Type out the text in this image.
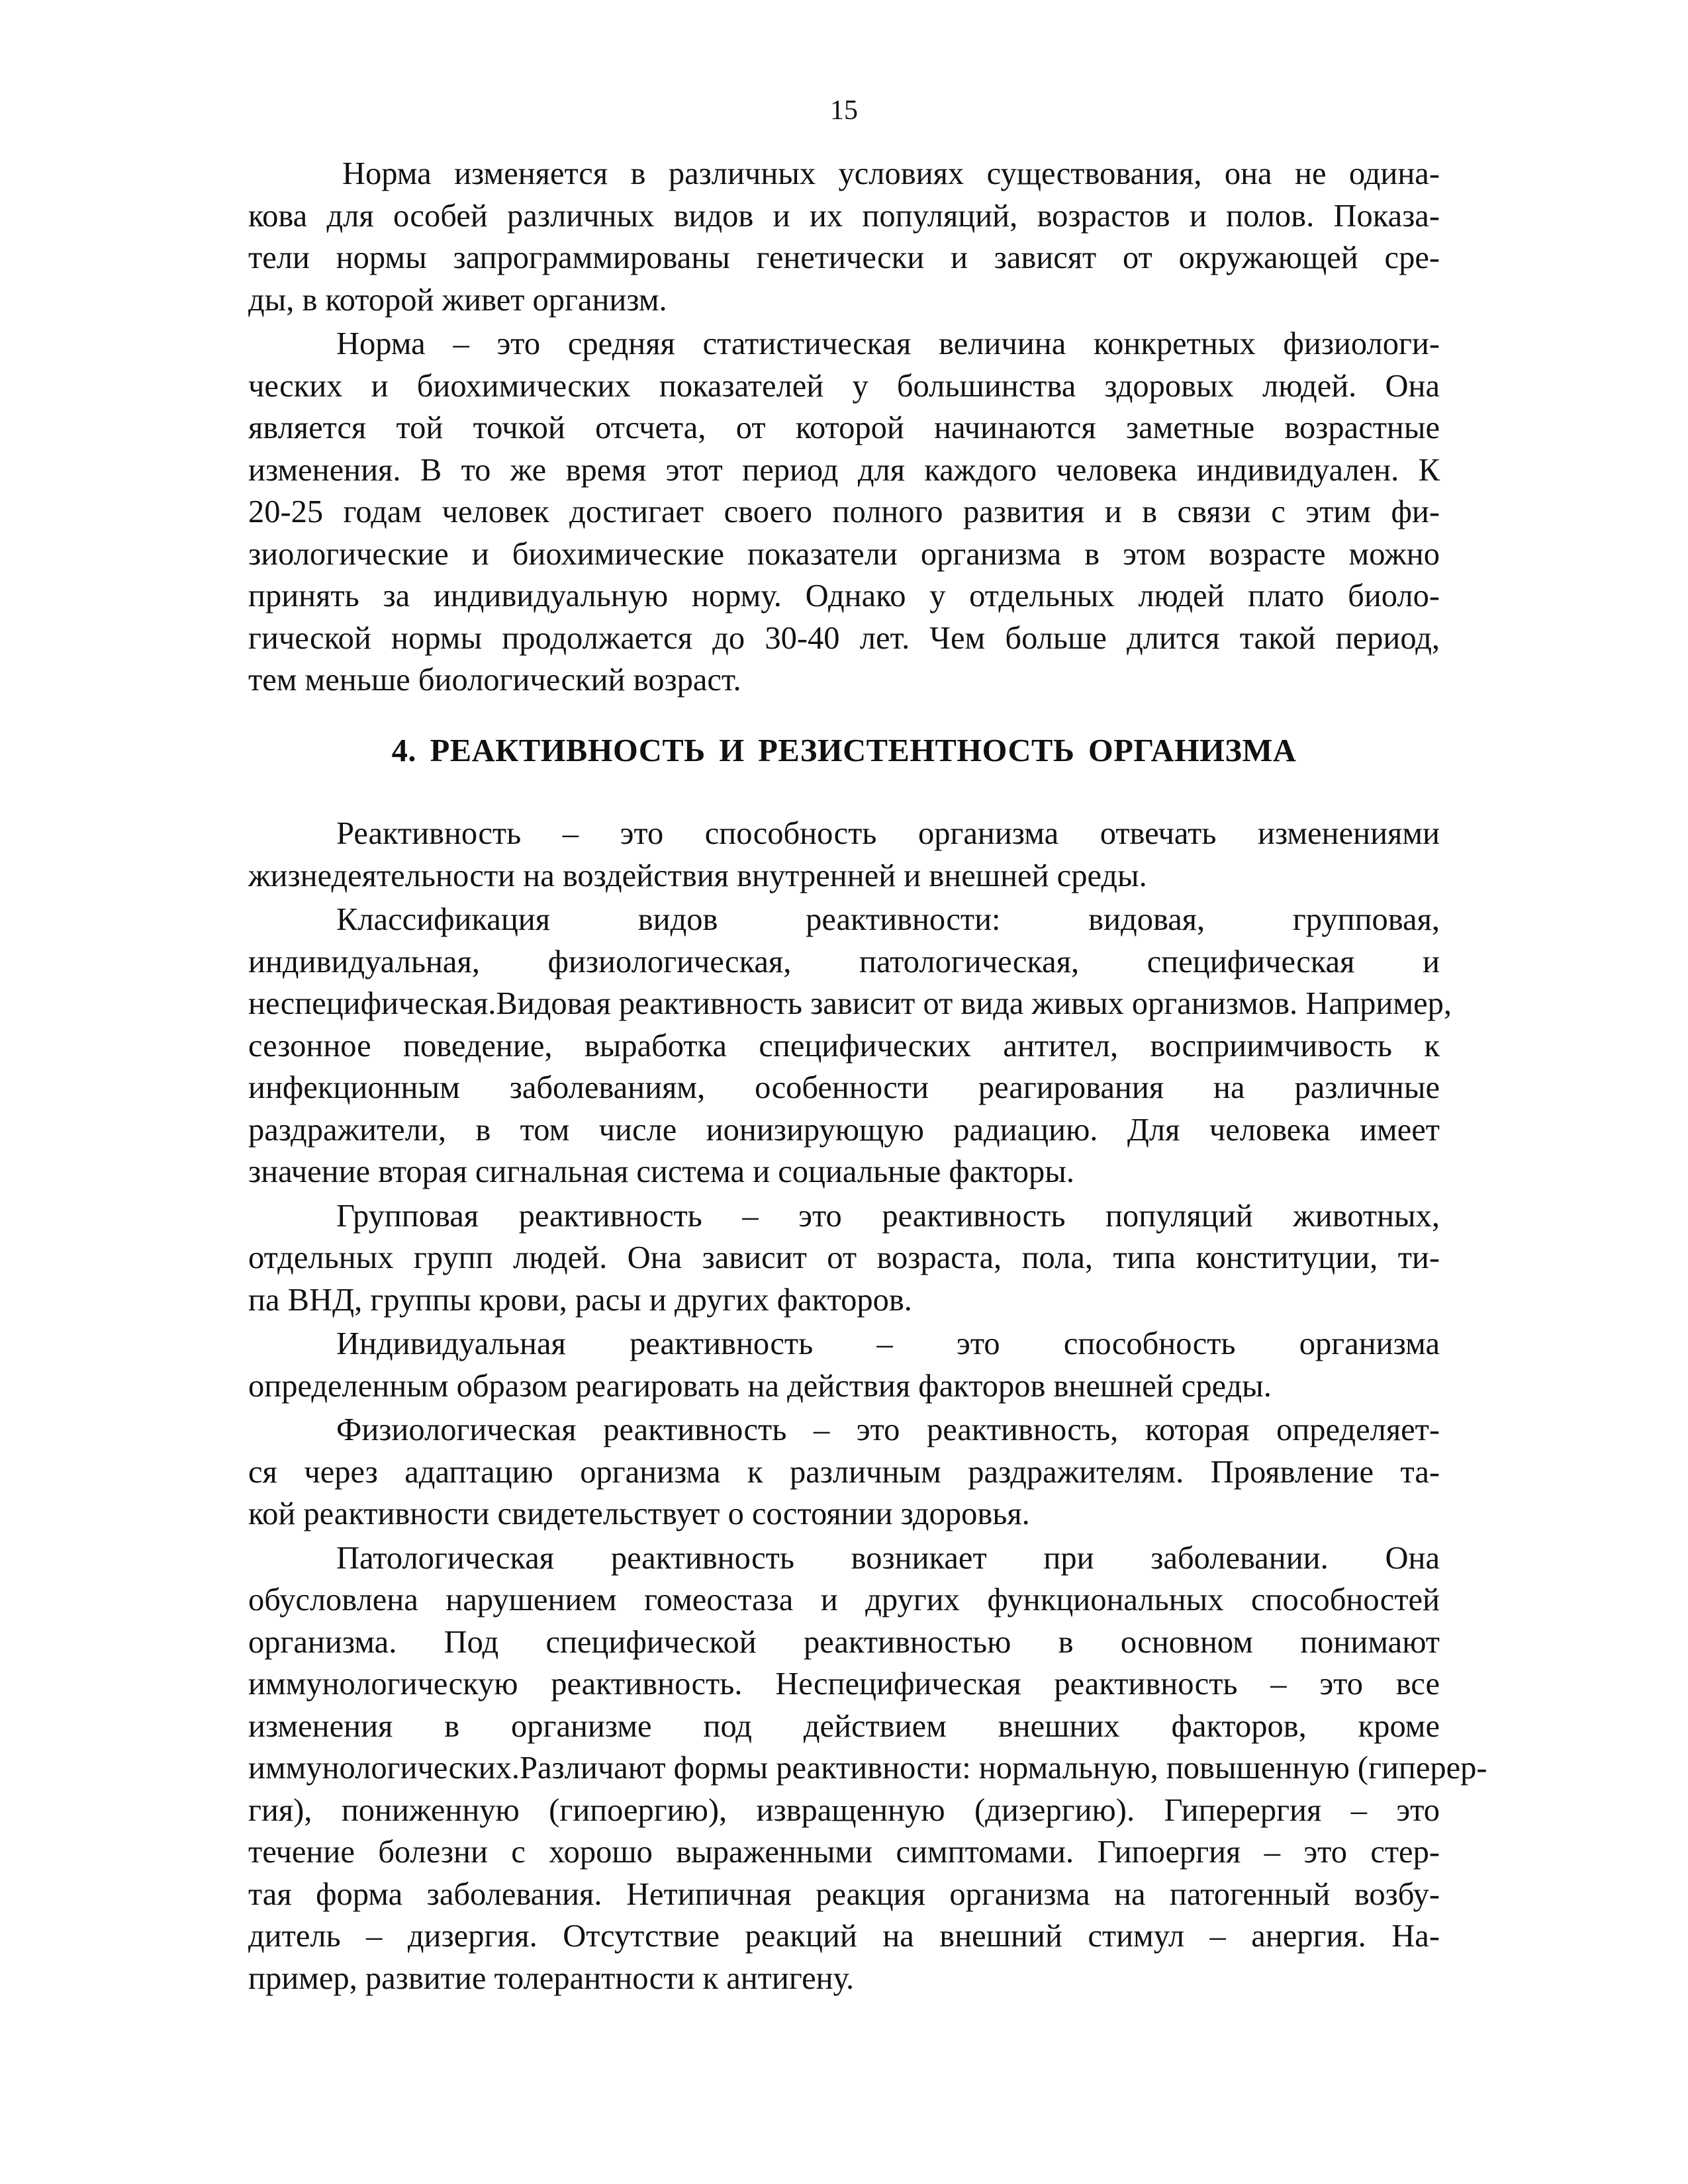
15
Норма изменяется в различных условиях существования, она не одина-
кова для особей различных видов и их популяций, возрастов и полов. Показа-
тели нормы запрограммированы генетически и зависят от окружающей сре-
ды, в которой живет организм.
Норма – это средняя статистическая величина конкретных физиологи-
ческих и биохимических показателей у большинства здоровых людей. Она
является той точкой отсчета, от которой начинаются заметные возрастные
изменения. В то же время этот период для каждого человека индивидуален. К
20-25 годам человек достигает своего полного развития и в связи с этим фи-
зиологические и биохимические показатели организма в этом возрасте можно
принять за индивидуальную норму. Однако у отдельных людей плато биоло-
гической нормы продолжается до 30-40 лет. Чем больше длится такой период,
тем меньше биологический возраст.
4. РЕАКТИВНОСТЬ И РЕЗИСТЕНТНОСТЬ ОРГАНИЗМА
Реактивность – это способность организма отвечать изменениями
жизнедеятельности на воздействия внутренней и внешней среды.
Классификация видов реактивности: видовая, групповая,
индивидуальная, физиологическая, патологическая, специфическая и
неспецифическая.Видовая реактивность зависит от вида живых организмов. Например,
сезонное поведение, выработка специфических антител, восприимчивость к
инфекционным заболеваниям, особенности реагирования на различные
раздражители, в том числе ионизирующую радиацию. Для человека имеет
значение вторая сигнальная система и социальные факторы.
Групповая реактивность – это реактивность популяций животных,
отдельных групп людей. Она зависит от возраста, пола, типа конституции, ти-
па ВНД, группы крови, расы и других факторов.
Индивидуальная реактивность – это способность организма
определенным образом реагировать на действия факторов внешней среды.
Физиологическая реактивность – это реактивность, которая определяет-
ся через адаптацию организма к различным раздражителям. Проявление та-
кой реактивности свидетельствует о состоянии здоровья.
Патологическая реактивность возникает при заболевании. Она
обусловлена нарушением гомеостаза и других функциональных способностей
организма. Под специфической реактивностью в основном понимают
иммунологическую реактивность. Неспецифическая реактивность – это все
изменения в организме под действием внешних факторов, кроме
иммунологических.Различают формы реактивности: нормальную, повышенную (гиперер-
гия), пониженную (гипоергию), извращенную (дизергию). Гиперергия – это
течение болезни с хорошо выраженными симптомами. Гипоергия – это стер-
тая форма заболевания. Нетипичная реакция организма на патогенный возбу-
дитель – дизергия. Отсутствие реакций на внешний стимул – анергия. На-
пример, развитие толерантности к антигену.
